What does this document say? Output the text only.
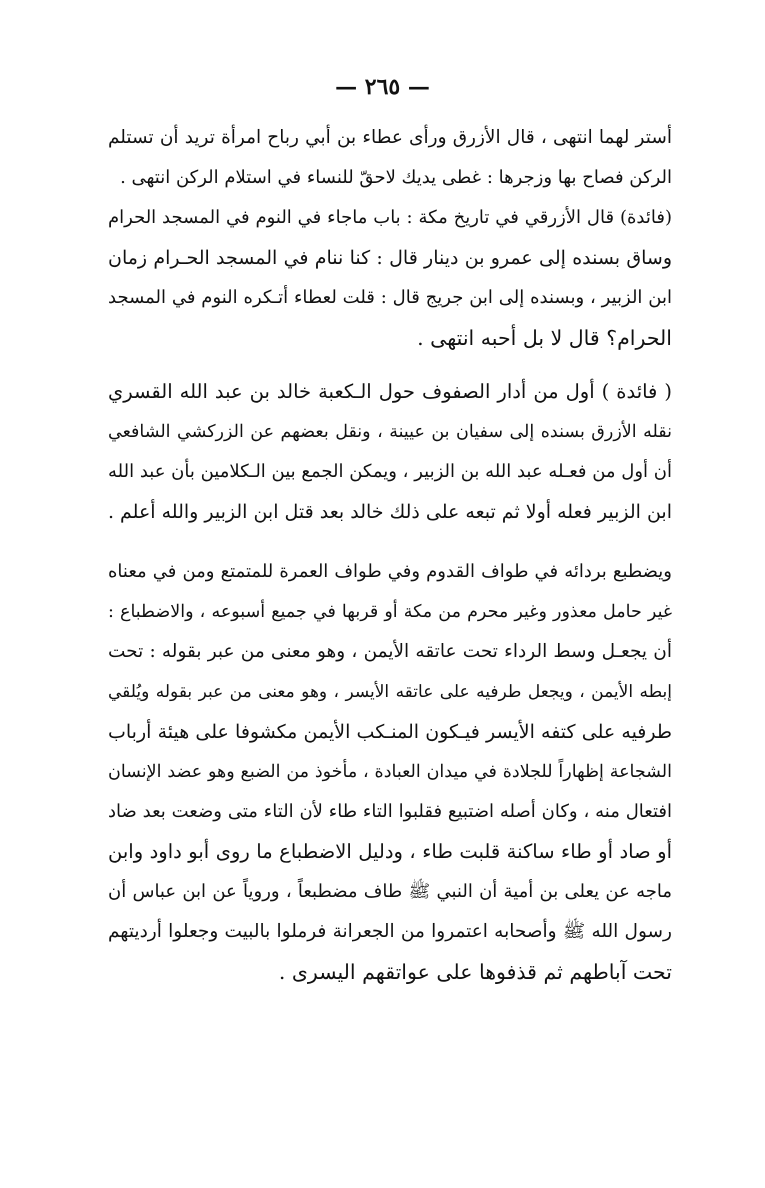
— ٢٦٥ —
أستر لهما انتهى ، قال الأزرق ورأى عطاء بن أبي رباح امرأة تريد أن تستلم
الركن فصاح بها وزجرها : غطى يديك لاحقّ للنساء في استلام الركن انتهى .
(فائدة) قال الأزرقي في تاريخ مكة : باب ماجاء في النوم في المسجد الحرام
وساق بسنده إلى عمرو بن دينار قال : كنا ننام في المسجد الحـرام زمان
ابن الزبير ، وبسنده إلى ابن جريج قال : قلت لعطاء أتـكره النوم في المسجد
الحرام؟ قال لا بل أحبه انتهى .
( فائدة ) أول من أدار الصفوف حول الـكعبة خالد بن عبد الله القسري
نقله الأزرق بسنده إلى سفيان بن عيينة ، ونقل بعضهم عن الزركشي الشافعي
أن أول من فعـله عبد الله بن الزبير ، ويمكن الجمع بين الـكلامين بأن عبد الله
ابن الزبير فعله أولا ثم تبعه على ذلك خالد بعد قتل ابن الزبير والله أعلم .
ويضطبع بردائه في طواف القدوم وفي طواف العمرة للمتمتع ومن في معناه
غير حامل معذور وغير محرم من مكة أو قربها في جميع أسبوعه ، والاضطباع :
أن يجعـل وسط الرداء تحت عاتقه الأيمن ، وهو معنى من عبر بقوله : تحت
إبطه الأيمن ، ويجعل طرفيه على عاتقه الأيسر ، وهو معنى من عبر بقوله ويُلقي
طرفيه على كتفه الأيسر فيـكون المنـكب الأيمن مكشوفا على هيئة أرباب
الشجاعة إظهاراً للجلادة في ميدان العبادة ، مأخوذ من الضبع وهو عضد الإنسان
افتعال منه ، وكان أصله اضتبيع فقلبوا التاء طاء لأن التاء متى وضعت بعد ضاد
أو صاد أو طاء ساكنة قلبت طاء ، ودليل الاضطباع ما روى أبو داود وابن
ماجه عن يعلى بن أمية أن النبي ﷺ طاف مضطبعاً ، وروياً عن ابن عباس أن
رسول الله ﷺ وأصحابه اعتمروا من الجعرانة فرملوا بالبيت وجعلوا أرديتهم
تحت آباطهم ثم قذفوها على عواتقهم اليسرى .
